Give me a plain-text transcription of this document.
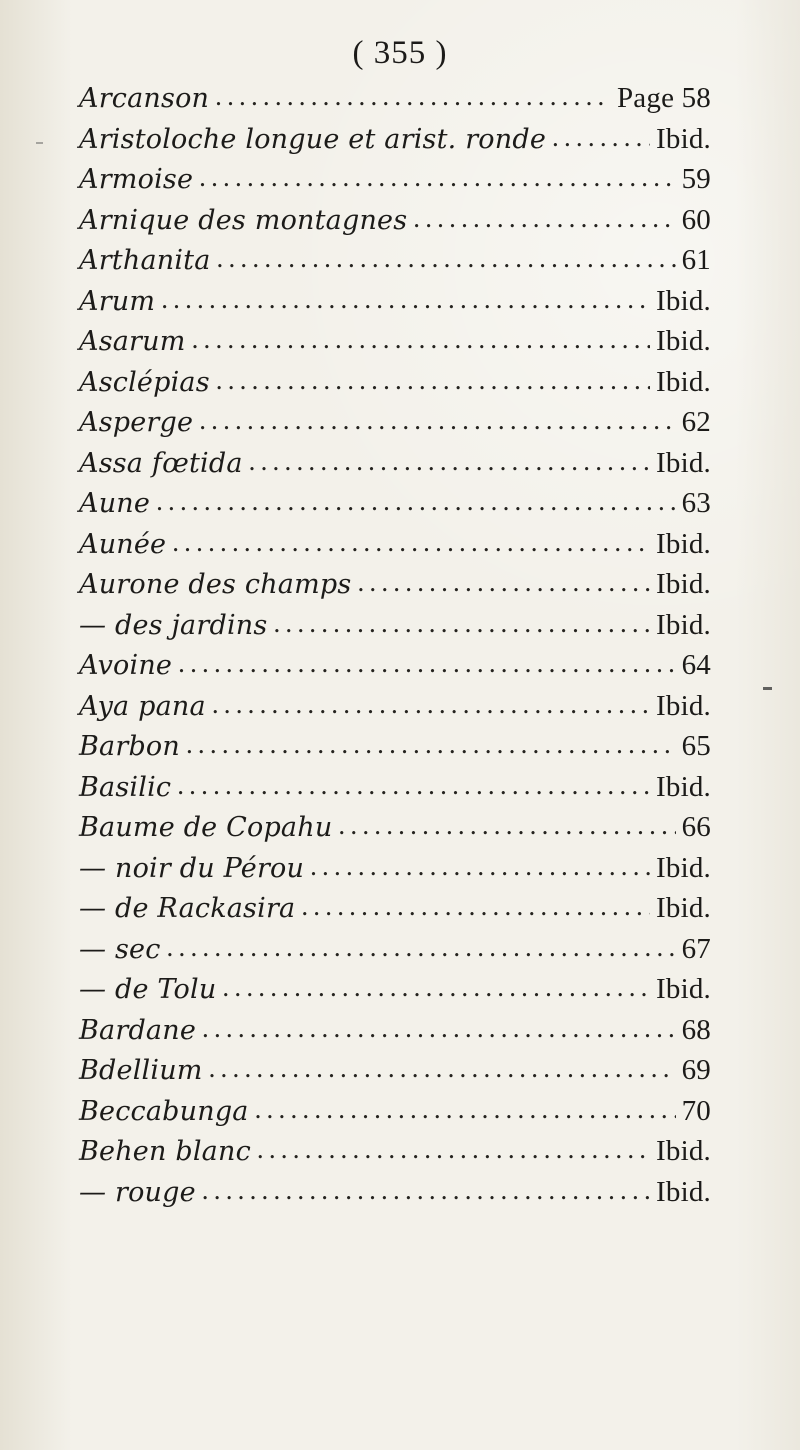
( 355 )
Arcanson .....	Page 58
Aristoloche longue et arist. ronde .....	Ibid.
Armoise .....	59
Arnique des montagnes .....	60
Arthanita .....	61
Arum .....	Ibid.
Asarum .....	Ibid.
Asclépias .....	Ibid.
Asperge .....	62
Assa fœtida .....	Ibid.
Aune .....	63
Aunée .....	Ibid.
Aurone des champs .....	Ibid.
— des jardins .....	Ibid.
Avoine .....	64
Aya pana .....	Ibid.
Barbon .....	65
Basilic .....	Ibid.
Baume de Copahu .....	66
— noir du Pérou .....	Ibid.
— de Rackasira .....	Ibid.
— sec .....	67
— de Tolu .....	Ibid.
Bardane .....	68
Bdellium .....	69
Beccabunga .....	70
Behen blanc .....	Ibid.
— rouge .....	Ibid.
